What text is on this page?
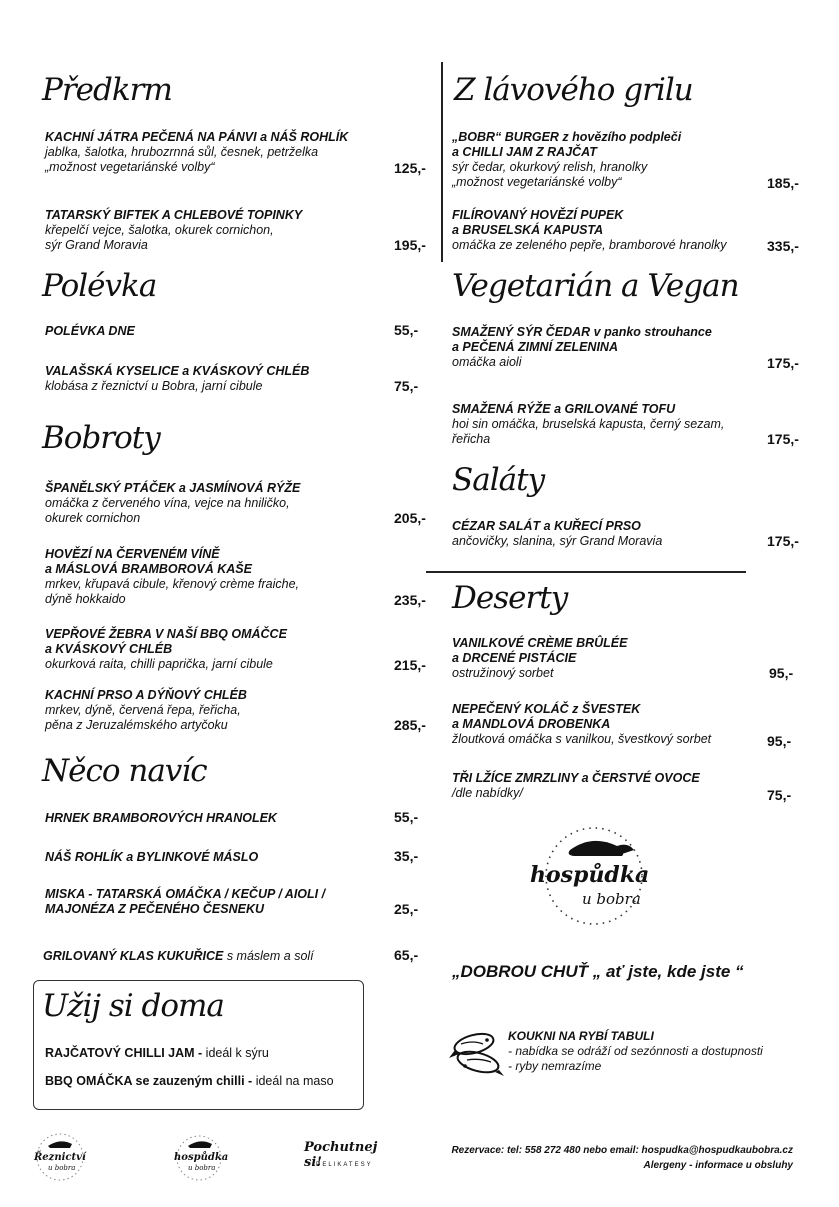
Předkrm
KACHNÍ JÁTRA PEČENÁ NA PÁNVI a NÁŠ ROHLÍK
jablka, šalotka, hrubozrnná sůl, česnek, petrželka
„možnost vegetariánské volby“	125,-
TATARSKÝ BIFTEK A CHLEBOVÉ TOPINKY
křepelčí vejce, šalotka, okurek cornichon,
sýr Grand Moravia	195,-
Polévka
POLÉVKA DNE	55,-
VALAŠSKÁ KYSELICE a KVÁSKOVÝ CHLÉB
klobása z řeznictví u Bobra, jarní cibule	75,-
Bobroty
ŠPANĚLSKÝ PTÁČEK a JASMÍNOVÁ RÝŽE
omáčka z červeného vína, vejce na hniličko,
okurek cornichon	205,-
HOVĚZÍ NA ČERVENÉM VÍNĚ
a MÁSLOVÁ BRAMBOROVÁ KAŠE
mrkev, křupavá cibule, křenový crème fraiche,
dýně hokkaido	235,-
VEPŘOVÉ ŽEBRA V NAŠÍ BBQ OMÁČCE
a KVÁSKOVÝ CHLÉB
okurková raita, chilli paprička, jarní cibule	215,-
KACHNÍ PRSO A DÝŇOVÝ CHLÉB
mrkev, dýně, červená řepa, řeřicha,
pěna z Jeruzalémského artyčoku	285,-
Něco navíc
HRNEK BRAMBOROVÝCH HRANOLEK	55,-
NÁŠ ROHLÍK a BYLINKOVÉ MÁSLO	35,-
MISKA - TATARSKÁ OMÁČKA / KEČUP / AIOLI /
MAJONÉZA Z PEČENÉHO ČESNEKU	25,-
GRILOVANÝ KLAS KUKUŘICE s máslem a solí	65,-
Užij si doma
RAJČATOVÝ CHILLI JAM - ideál k sýru
BBQ OMÁČKA se zauzeným chilli - ideál na maso
Z lávového grilu
„BOBR“ BURGER z hovězího podpleči
a CHILLI JAM Z RAJČAT
sýr čedar, okurkový relish, hranolky
„možnost vegetariánské volby“	185,-
FILÍROVANÝ HOVĚZÍ PUPEK
a BRUSELSKÁ KAPUSTA
omáčka ze zeleného pepře, bramborové hranolky	335,-
Vegetarián a Vegan
SMAŽENÝ SÝR ČEDAR v panko strouhance
a PEČENÁ ZIMNÍ ZELENINA
omáčka aioli	175,-
SMAŽENÁ RÝŽE a GRILOVANÉ TOFU
hoi sin omáčka, bruselská kapusta, černý sezam,
řeřicha	175,-
Saláty
CÉZAR SALÁT a KUŘECÍ PRSO
ančovičky, slanina, sýr Grand Moravia	175,-
Deserty
VANILKOVÉ CRÈME BRÛLÉE
a DRCENÉ PISTÁCIE
ostružinový sorbet	95,-
NEPEČENÝ KOLÁČ z ŠVESTEK
a MANDLOVÁ DROBENKA
žloutková omáčka s vanilkou, švestkový sorbet	95,-
TŘI LŽÍCE ZMRZLINY a ČERSTVÉ OVOCE
/dle nabídky/	75,-
hospůdka
u bobra
„DOBROU CHUŤ „ ať jste, kde jste “
KOUKNI NA RYBÍ TABULI
- nabídka se odráží od sezónnosti a dostupnosti
- ryby nemrazíme
Řeznictví
u bobra
hospůdka
u bobra
Pochutnej si!
DELIKATESY
Rezervace: tel: 558 272 480 nebo email: hospudka@hospudkaubobra.cz
Alergeny - informace u obsluhy
